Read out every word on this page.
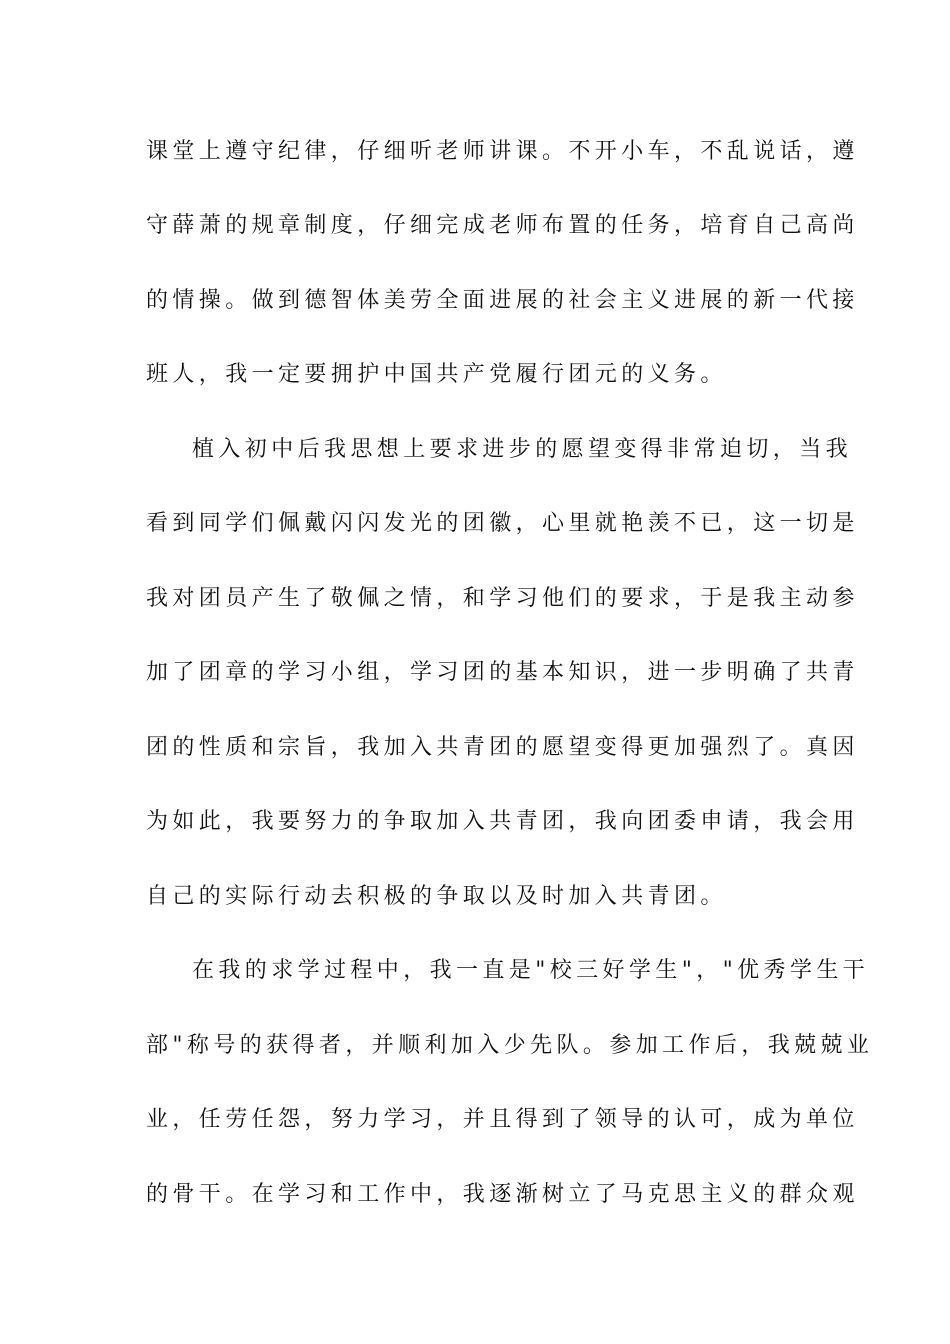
课堂上遵守纪律，仔细听老师讲课。不开小车，不乱说话，遵
守薛萧的规章制度，仔细完成老师布置的任务，培育自己高尚
的情操。做到德智体美劳全面进展的社会主义进展的新一代接
班人，我一定要拥护中国共产党履行团元的义务。
植入初中后我思想上要求进步的愿望变得非常迫切，当我
看到同学们佩戴闪闪发光的团徽，心里就艳羡不已，这一切是
我对团员产生了敬佩之情，和学习他们的要求，于是我主动参
加了团章的学习小组，学习团的基本知识，进一步明确了共青
团的性质和宗旨，我加入共青团的愿望变得更加强烈了。真因
为如此，我要努力的争取加入共青团，我向团委申请，我会用
自己的实际行动去积极的争取以及时加入共青团。
在我的求学过程中，我一直是"校三好学生"，"优秀学生干
部"称号的获得者，并顺利加入少先队。参加工作后，我兢兢业
业，任劳任怨，努力学习，并且得到了领导的认可，成为单位
的骨干。在学习和工作中，我逐渐树立了马克思主义的群众观
